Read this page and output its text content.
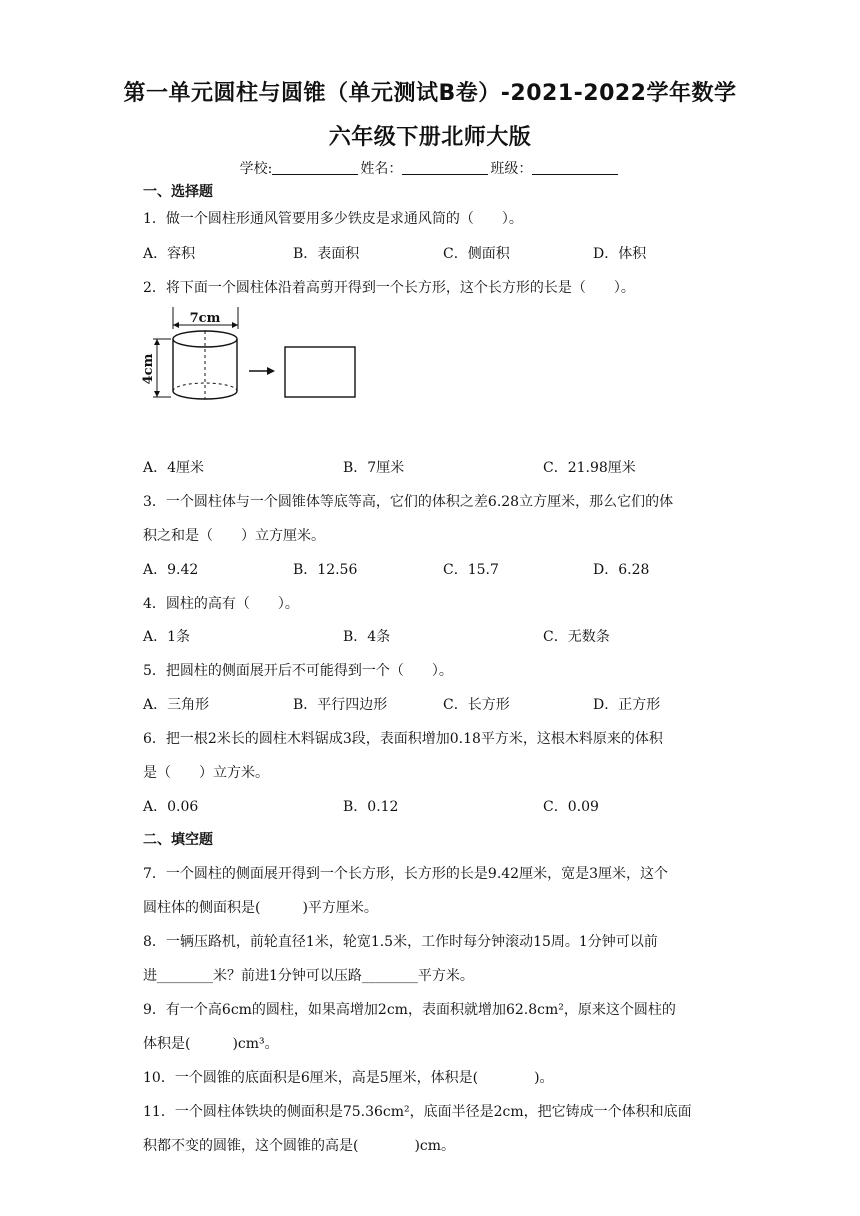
第一单元圆柱与圆锥（单元测试B卷）-2021-2022学年数学
六年级下册北师大版
学校:	姓名：	班级：
一、选择题
1．做一个圆柱形通风管要用多少铁皮是求通风筒的（　　）。
A．容积	B．表面积	C．侧面积	D．体积
2．将下面一个圆柱体沿着高剪开得到一个长方形，这个长方形的长是（　　）。
7cm
4cm
A．4厘米	B．7厘米	C．21.98厘米
3．一个圆柱体与一个圆锥体等底等高，它们的体积之差6.28立方厘米，那么它们的体
积之和是（　　）立方厘米。
A．9.42	B．12.56	C．15.7	D．6.28
4．圆柱的高有（　　）。
A．1条	B．4条	C．无数条
5．把圆柱的侧面展开后不可能得到一个（　　）。
A．三角形	B．平行四边形	C．长方形	D．正方形
6．把一根2米长的圆柱木料锯成3段，表面积增加0.18平方米，这根木料原来的体积
是（　　）立方米。
A．0.06	B．0.12	C．0.09
二、填空题
7．一个圆柱的侧面展开得到一个长方形，长方形的长是9.42厘米，宽是3厘米，这个
圆柱体的侧面积是(　　　)平方厘米。
8．一辆压路机，前轮直径1米，轮宽1.5米，工作时每分钟滚动15周。1分钟可以前
进________米？前进1分钟可以压路________平方米。
9．有一个高6cm的圆柱，如果高增加2cm，表面积就增加62.8cm²，原来这个圆柱的
体积是(　　　)cm³。
10．一个圆锥的底面积是6厘米，高是5厘米，体积是(　　　　)。
11．一个圆柱体铁块的侧面积是75.36cm²，底面半径是2cm，把它铸成一个体积和底面
积都不变的圆锥，这个圆锥的高是(　　　　)cm。
